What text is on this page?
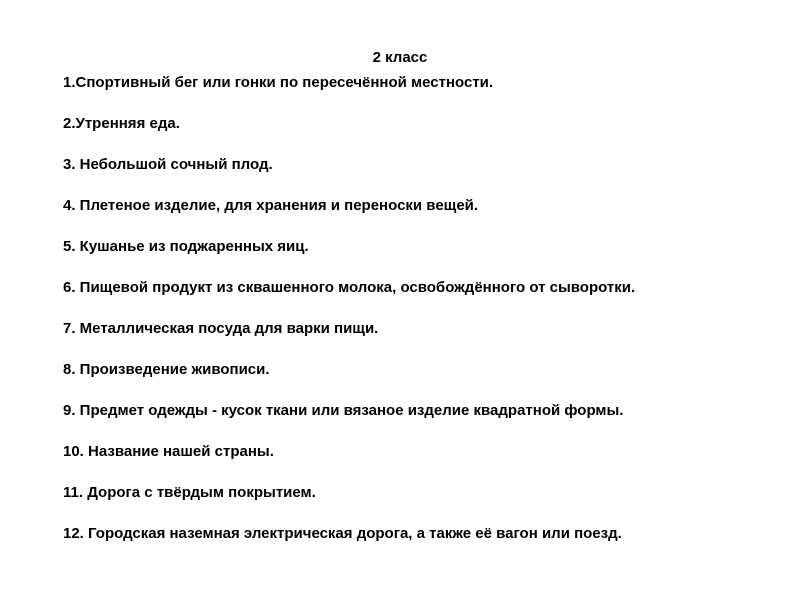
2 класс
1.Спортивный бег или гонки по пересечённой местности.
2.Утренняя еда.
3. Небольшой сочный плод.
4. Плетеное изделие, для хранения и переноски вещей.
5. Кушанье из поджаренных яиц.
6. Пищевой продукт из сквашенного молока, освобождённого от сыворотки.
7. Металлическая посуда для варки пищи.
8. Произведение живописи.
9. Предмет одежды - кусок ткани или вязаное изделие квадратной формы.
10. Название нашей страны.
11. Дорога с твёрдым покрытием.
12. Городская наземная электрическая дорога, а также её вагон или поезд.
